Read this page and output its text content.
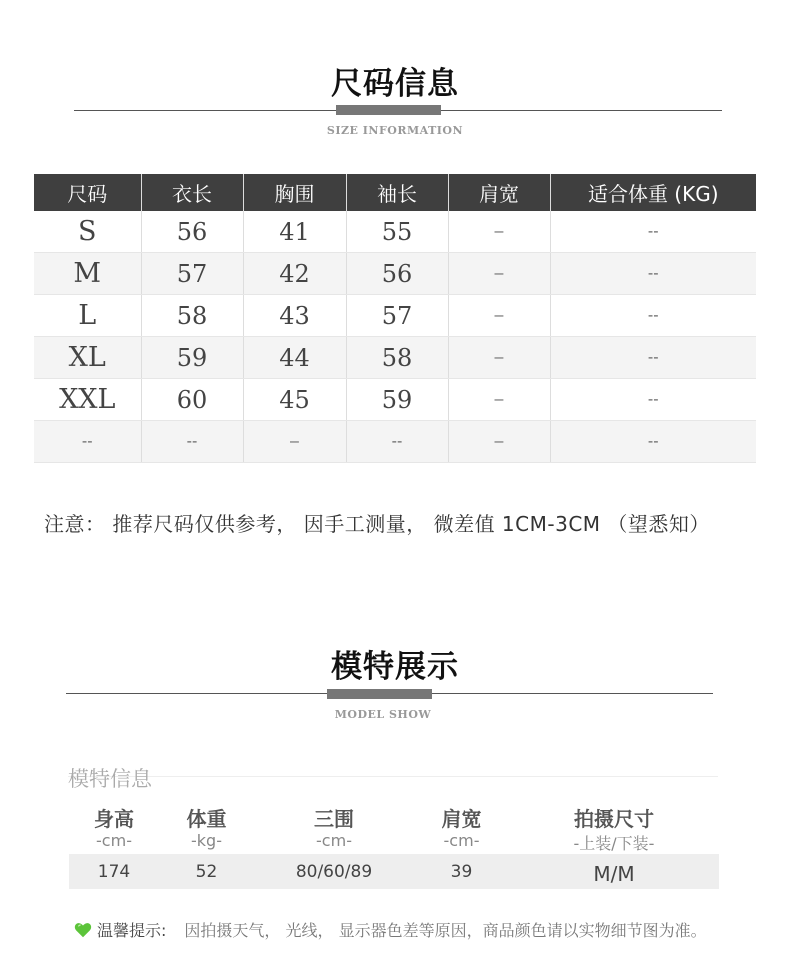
尺码信息
SIZE INFORMATION
尺码	衣长	胸围	袖长	肩宽	适合体重 (KG)
S	56	41	55	–	--
M	57	42	56	–	--
L	58	43	57	–	--
XL	59	44	58	–	--
XXL	60	45	59	–	--
--	--	–	--	–	--
注意： 推荐尺码仅供参考， 因手工测量， 微差值 1CM-3CM （望悉知）
模特展示
MODEL SHOW
模特信息
身高	体重	三围	肩宽	拍摄尺寸
-cm-	-kg-	-cm-	-cm-	-上装/下装-
174	52	80/60/89	39	M/M
温馨提示: 因拍摄天气， 光线， 显示器色差等原因，商品颜色请以实物细节图为准。
